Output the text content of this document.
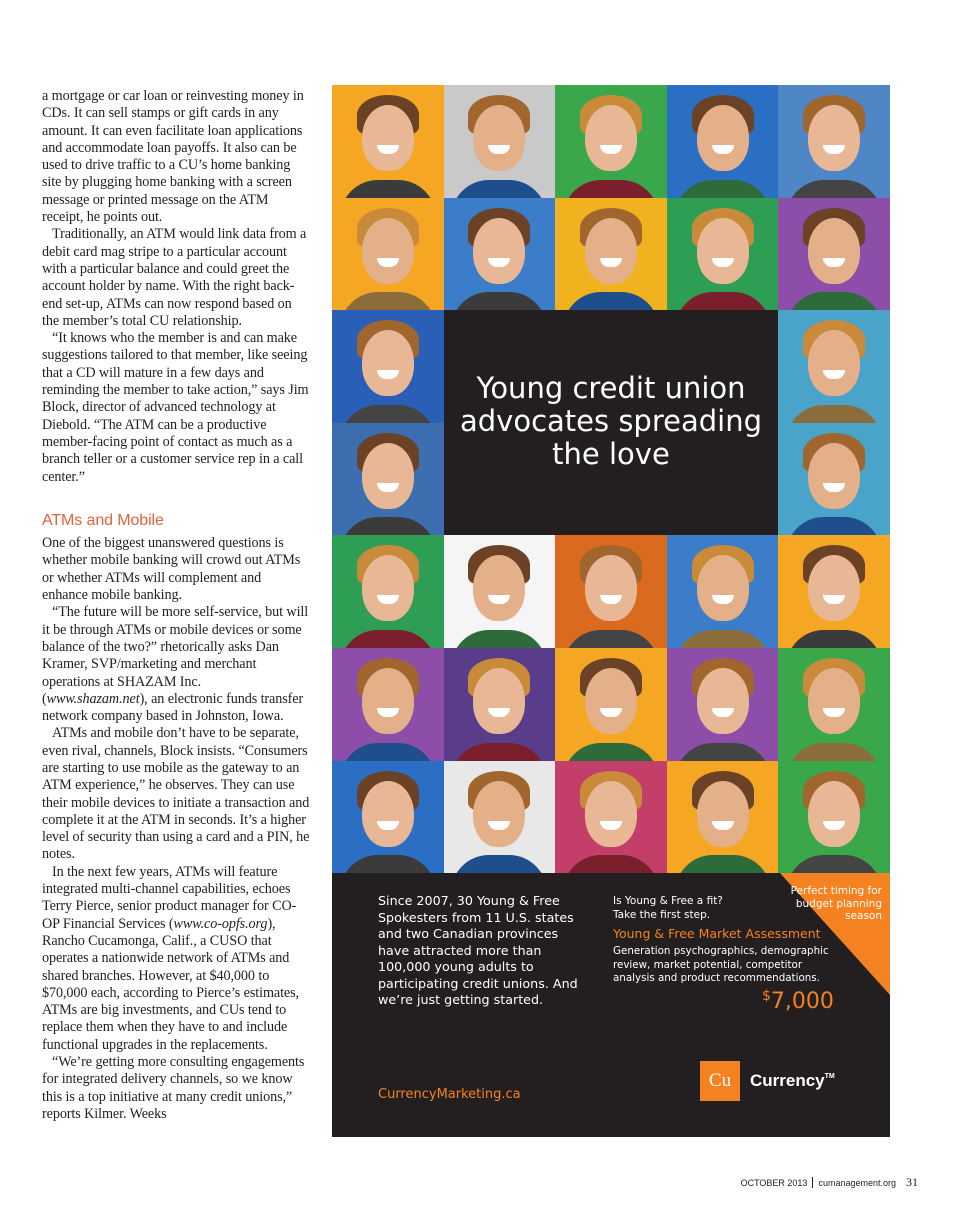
a mortgage or car loan or reinvesting money in CDs. It can sell stamps or gift cards in any amount. It can even facilitate loan applications and accommodate loan payoffs. It also can be used to drive traffic to a CU’s home banking site by plugging home banking with a screen message or printed message on the ATM receipt, he points out.

Traditionally, an ATM would link data from a debit card mag stripe to a particular account with a particular balance and could greet the account holder by name. With the right back-end set-up, ATMs can now respond based on the member’s total CU relationship.

“It knows who the member is and can make suggestions tailored to that member, like seeing that a CD will mature in a few days and reminding the member to take action,” says Jim Block, director of advanced technology at Diebold. “The ATM can be a productive member-facing point of contact as much as a branch teller or a customer service rep in a call center.”

ATMs and Mobile

One of the biggest unanswered questions is whether mobile banking will crowd out ATMs or whether ATMs will complement and enhance mobile banking.

“The future will be more self-service, but will it be through ATMs or mobile devices or some balance of the two?” rhetorically asks Dan Kramer, SVP/marketing and merchant operations at SHAZAM Inc. (www.shazam.net), an electronic funds transfer network company based in Johnston, Iowa.

ATMs and mobile don’t have to be separate, even rival, channels, Block insists. “Consumers are starting to use mobile as the gateway to an ATM experience,” he observes. They can use their mobile devices to initiate a transaction and complete it at the ATM in seconds. It’s a higher level of security than using a card and a PIN, he notes.

In the next few years, ATMs will feature integrated multi-channel capabilities, echoes Terry Pierce, senior product manager for CO-OP Financial Services (www.co-opfs.org), Rancho Cucamonga, Calif., a CUSO that operates a nationwide network of ATMs and shared branches. However, at $40,000 to $70,000 each, according to Pierce’s estimates, ATMs are big investments, and CUs tend to replace them when they have to and include functional upgrades in the replacements.

“We’re getting more consulting engagements for integrated delivery channels, so we know this is a top initiative at many credit unions,” reports Kilmer. Weeks

Young credit union advocates spreading the love
Since 2007, 30 Young & Free Spokesters from 11 U.S. states and two Canadian provinces have attracted more than 100,000 young adults to participating credit unions. And we’re just getting started.
Is Young & Free a fit?
Take the first step.
Young & Free Market Assessment
Generation psychographics, demographic review, market potential, competitor analysis and product recommendations.
$7,000
Perfect timing for budget planning season
CurrencyMarketing.ca
Cu	Currency™
OCTOBER 2013 cumanagement.org 31
